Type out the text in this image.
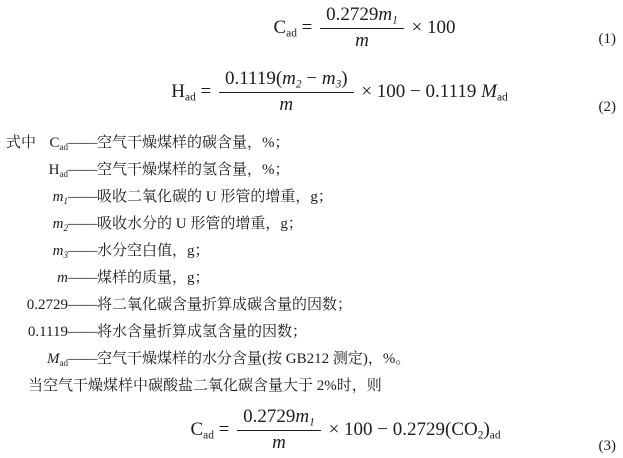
Cad = $\frac{0.2729m1}{m} \times 100$
(1)
Had = $\frac{0.1119(m2 - m3)}{m} \times 100 - 0.1119$ Mad
(2)
式中 Cad —— 空气干燥煤样的碳含量，%；
Had —— 空气干燥煤样的氢含量，%；
m1 —— 吸收二氧化碳的 U 形管的增重，g；
m2 —— 吸收水分的 U 形管的增重，g；
m3 —— 水分空白值，g；
m —— 煤样的质量，g；
0.2729 —— 将二氧化碳含量折算成碳含量的因数；
0.1119 —— 将水含量折算成氢含量的因数；
Mad —— 空气干燥煤样的水分含量(按 GB212 测定)，%。
当空气干燥煤样中碳酸盐二氧化碳含量大于 2%时，则
Cad = $\frac{0.2729m1}{m} \times 100 - 0.2729(CO2)ad$
(3)
